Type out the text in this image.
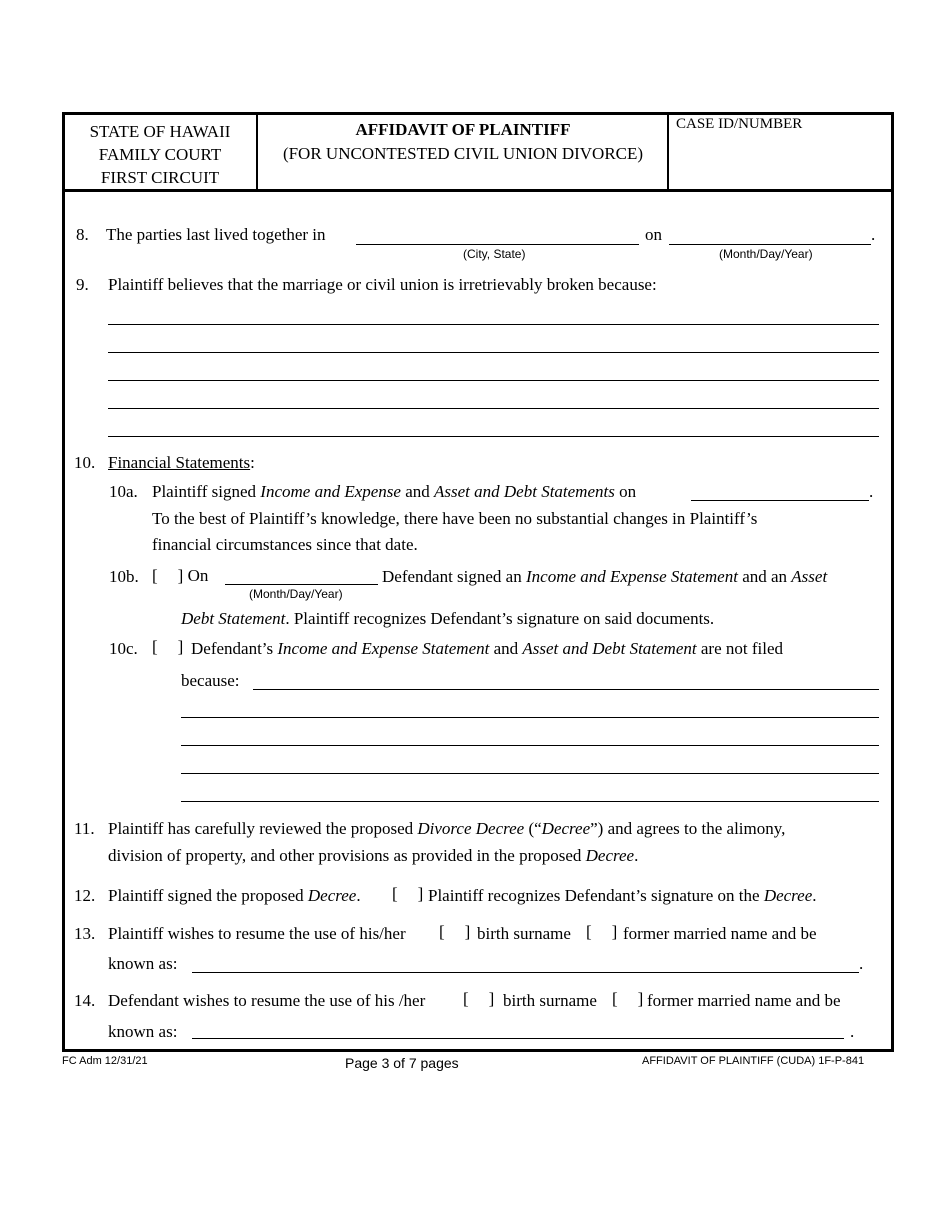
STATE OF HAWAII
FAMILY COURT
FIRST CIRCUIT
AFFIDAVIT OF PLAINTIFF
(FOR UNCONTESTED CIVIL UNION DIVORCE)
CASE ID/NUMBER
8. The parties last lived together in
(City, State)
on	.
(Month/Day/Year)
9. Plaintiff believes that the marriage or civil union is irretrievably broken because:
10. Financial Statements:
10a. Plaintiff signed Income and Expense and Asset and Debt Statements on	.
To the best of Plaintiff’s knowledge, there have been no substantial changes in Plaintiff’s
financial circumstances since that date.
10b. [ ] On
(Month/Day/Year)
Defendant signed an Income and Expense Statement and an Asset
Debt Statement. Plaintiff recognizes Defendant’s signature on said documents.
10c. [ ] Defendant’s Income and Expense Statement and Asset and Debt Statement are not filed
because:
11. Plaintiff has carefully reviewed the proposed Divorce Decree (“Decree”) and agrees to the alimony,
division of property, and other provisions as provided in the proposed Decree.
12. Plaintiff signed the proposed Decree. [ ] Plaintiff recognizes Defendant’s signature on the Decree.
13. Plaintiff wishes to resume the use of his/her [ ] birth surname [ ] former married name and be
known as:	.
14. Defendant wishes to resume the use of his /her [ ] birth surname [ ] former married name and be
known as:	.
FC Adm 12/31/21	Page 3 of 7 pages	AFFIDAVIT OF PLAINTIFF (CUDA) 1F-P-841
